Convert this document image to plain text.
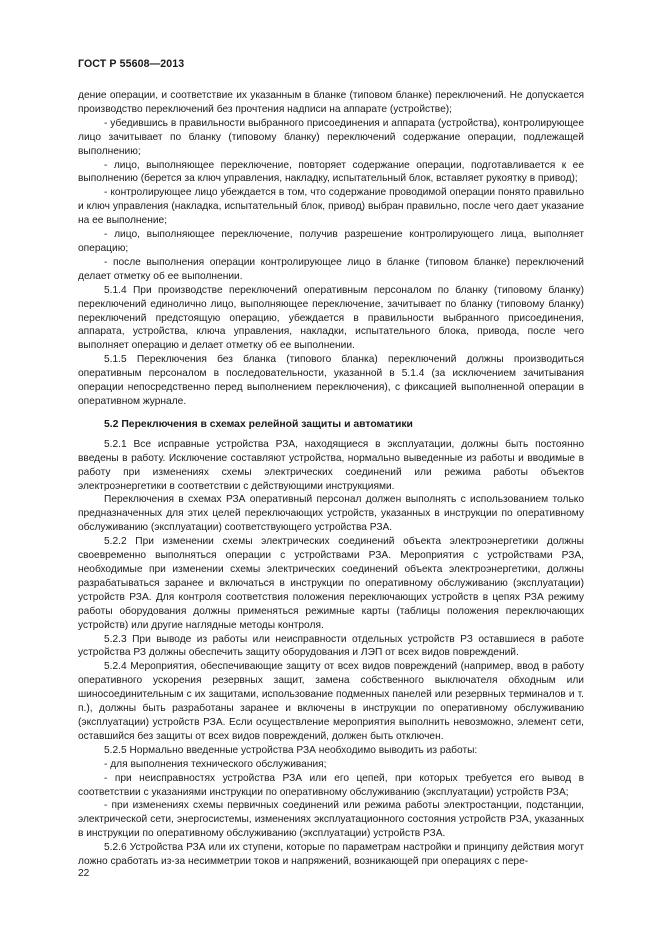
ГОСТ Р 55608—2013

дение операции, и соответствие их указанным в бланке (типовом бланке) переключений. Не допускается производство переключений без прочтения надписи на аппарате (устройстве);

- убедившись в правильности выбранного присоединения и аппарата (устройства), контролирующее лицо зачитывает по бланку (типовому бланку) переключений содержание операции, подлежащей выполнению;

- лицо, выполняющее переключение, повторяет содержание операции, подготавливается к ее выполнению (берется за ключ управления, накладку, испытательный блок, вставляет рукоятку в привод);

- контролирующее лицо убеждается в том, что содержание проводимой операции понято правильно и ключ управления (накладка, испытательный блок, привод) выбран правильно, после чего дает указание на ее выполнение;

- лицо, выполняющее переключение, получив разрешение контролирующего лица, выполняет операцию;

- после выполнения операции контролирующее лицо в бланке (типовом бланке) переключений делает отметку об ее выполнении.

5.1.4 При производстве переключений оперативным персоналом по бланку (типовому бланку) переключений единолично лицо, выполняющее переключение, зачитывает по бланку (типовому бланку) переключений предстоящую операцию, убеждается в правильности выбранного присоединения, аппарата, устройства, ключа управления, накладки, испытательного блока, привода, после чего выполняет операцию и делает отметку об ее выполнении.

5.1.5 Переключения без бланка (типового бланка) переключений должны производиться оперативным персоналом в последовательности, указанной в 5.1.4 (за исключением зачитывания операции непосредственно перед выполнением переключения), с фиксацией выполненной операции в оперативном журнале.

5.2 Переключения в схемах релейной защиты и автоматики

5.2.1 Все исправные устройства РЗА, находящиеся в эксплуатации, должны быть постоянно введены в работу. Исключение составляют устройства, нормально выведенные из работы и вводимые в работу при изменениях схемы электрических соединений или режима работы объектов электроэнергетики в соответствии с действующими инструкциями.

Переключения в схемах РЗА оперативный персонал должен выполнять с использованием только предназначенных для этих целей переключающих устройств, указанных в инструкции по оперативному обслуживанию (эксплуатации) соответствующего устройства РЗА.

5.2.2 При изменении схемы электрических соединений объекта электроэнергетики должны своевременно выполняться операции с устройствами РЗА. Мероприятия с устройствами РЗА, необходимые при изменении схемы электрических соединений объекта электроэнергетики, должны разрабатываться заранее и включаться в инструкции по оперативному обслуживанию (эксплуатации) устройств РЗА. Для контроля соответствия положения переключающих устройств в цепях РЗА режиму работы оборудования должны применяться режимные карты (таблицы положения переключающих устройств) или другие наглядные методы контроля.

5.2.3 При выводе из работы или неисправности отдельных устройств РЗ оставшиеся в работе устройства РЗ должны обеспечить защиту оборудования и ЛЭП от всех видов повреждений.

5.2.4 Мероприятия, обеспечивающие защиту от всех видов повреждений (например, ввод в работу оперативного ускорения резервных защит, замена собственного выключателя обходным или шиносоединительным с их защитами, использование подменных панелей или резервных терминалов и т. п.), должны быть разработаны заранее и включены в инструкции по оперативному обслуживанию (эксплуатации) устройств РЗА. Если осуществление мероприятия выполнить невозможно, элемент сети, оставшийся без защиты от всех видов повреждений, должен быть отключен.

5.2.5 Нормально введенные устройства РЗА необходимо выводить из работы:

- для выполнения технического обслуживания;

- при неисправностях устройства РЗА или его цепей, при которых требуется его вывод в соответствии с указаниями инструкции по оперативному обслуживанию (эксплуатации) устройств РЗА;

- при изменениях схемы первичных соединений или режима работы электростанции, подстанции, электрической сети, энергосистемы, изменениях эксплуатационного состояния устройств РЗА, указанных в инструкции по оперативному обслуживанию (эксплуатации) устройств РЗА.

5.2.6 Устройства РЗА или их ступени, которые по параметрам настройки и принципу действия могут ложно сработать из-за несимметрии токов и напряжений, возникающей при операциях с пере-

22
